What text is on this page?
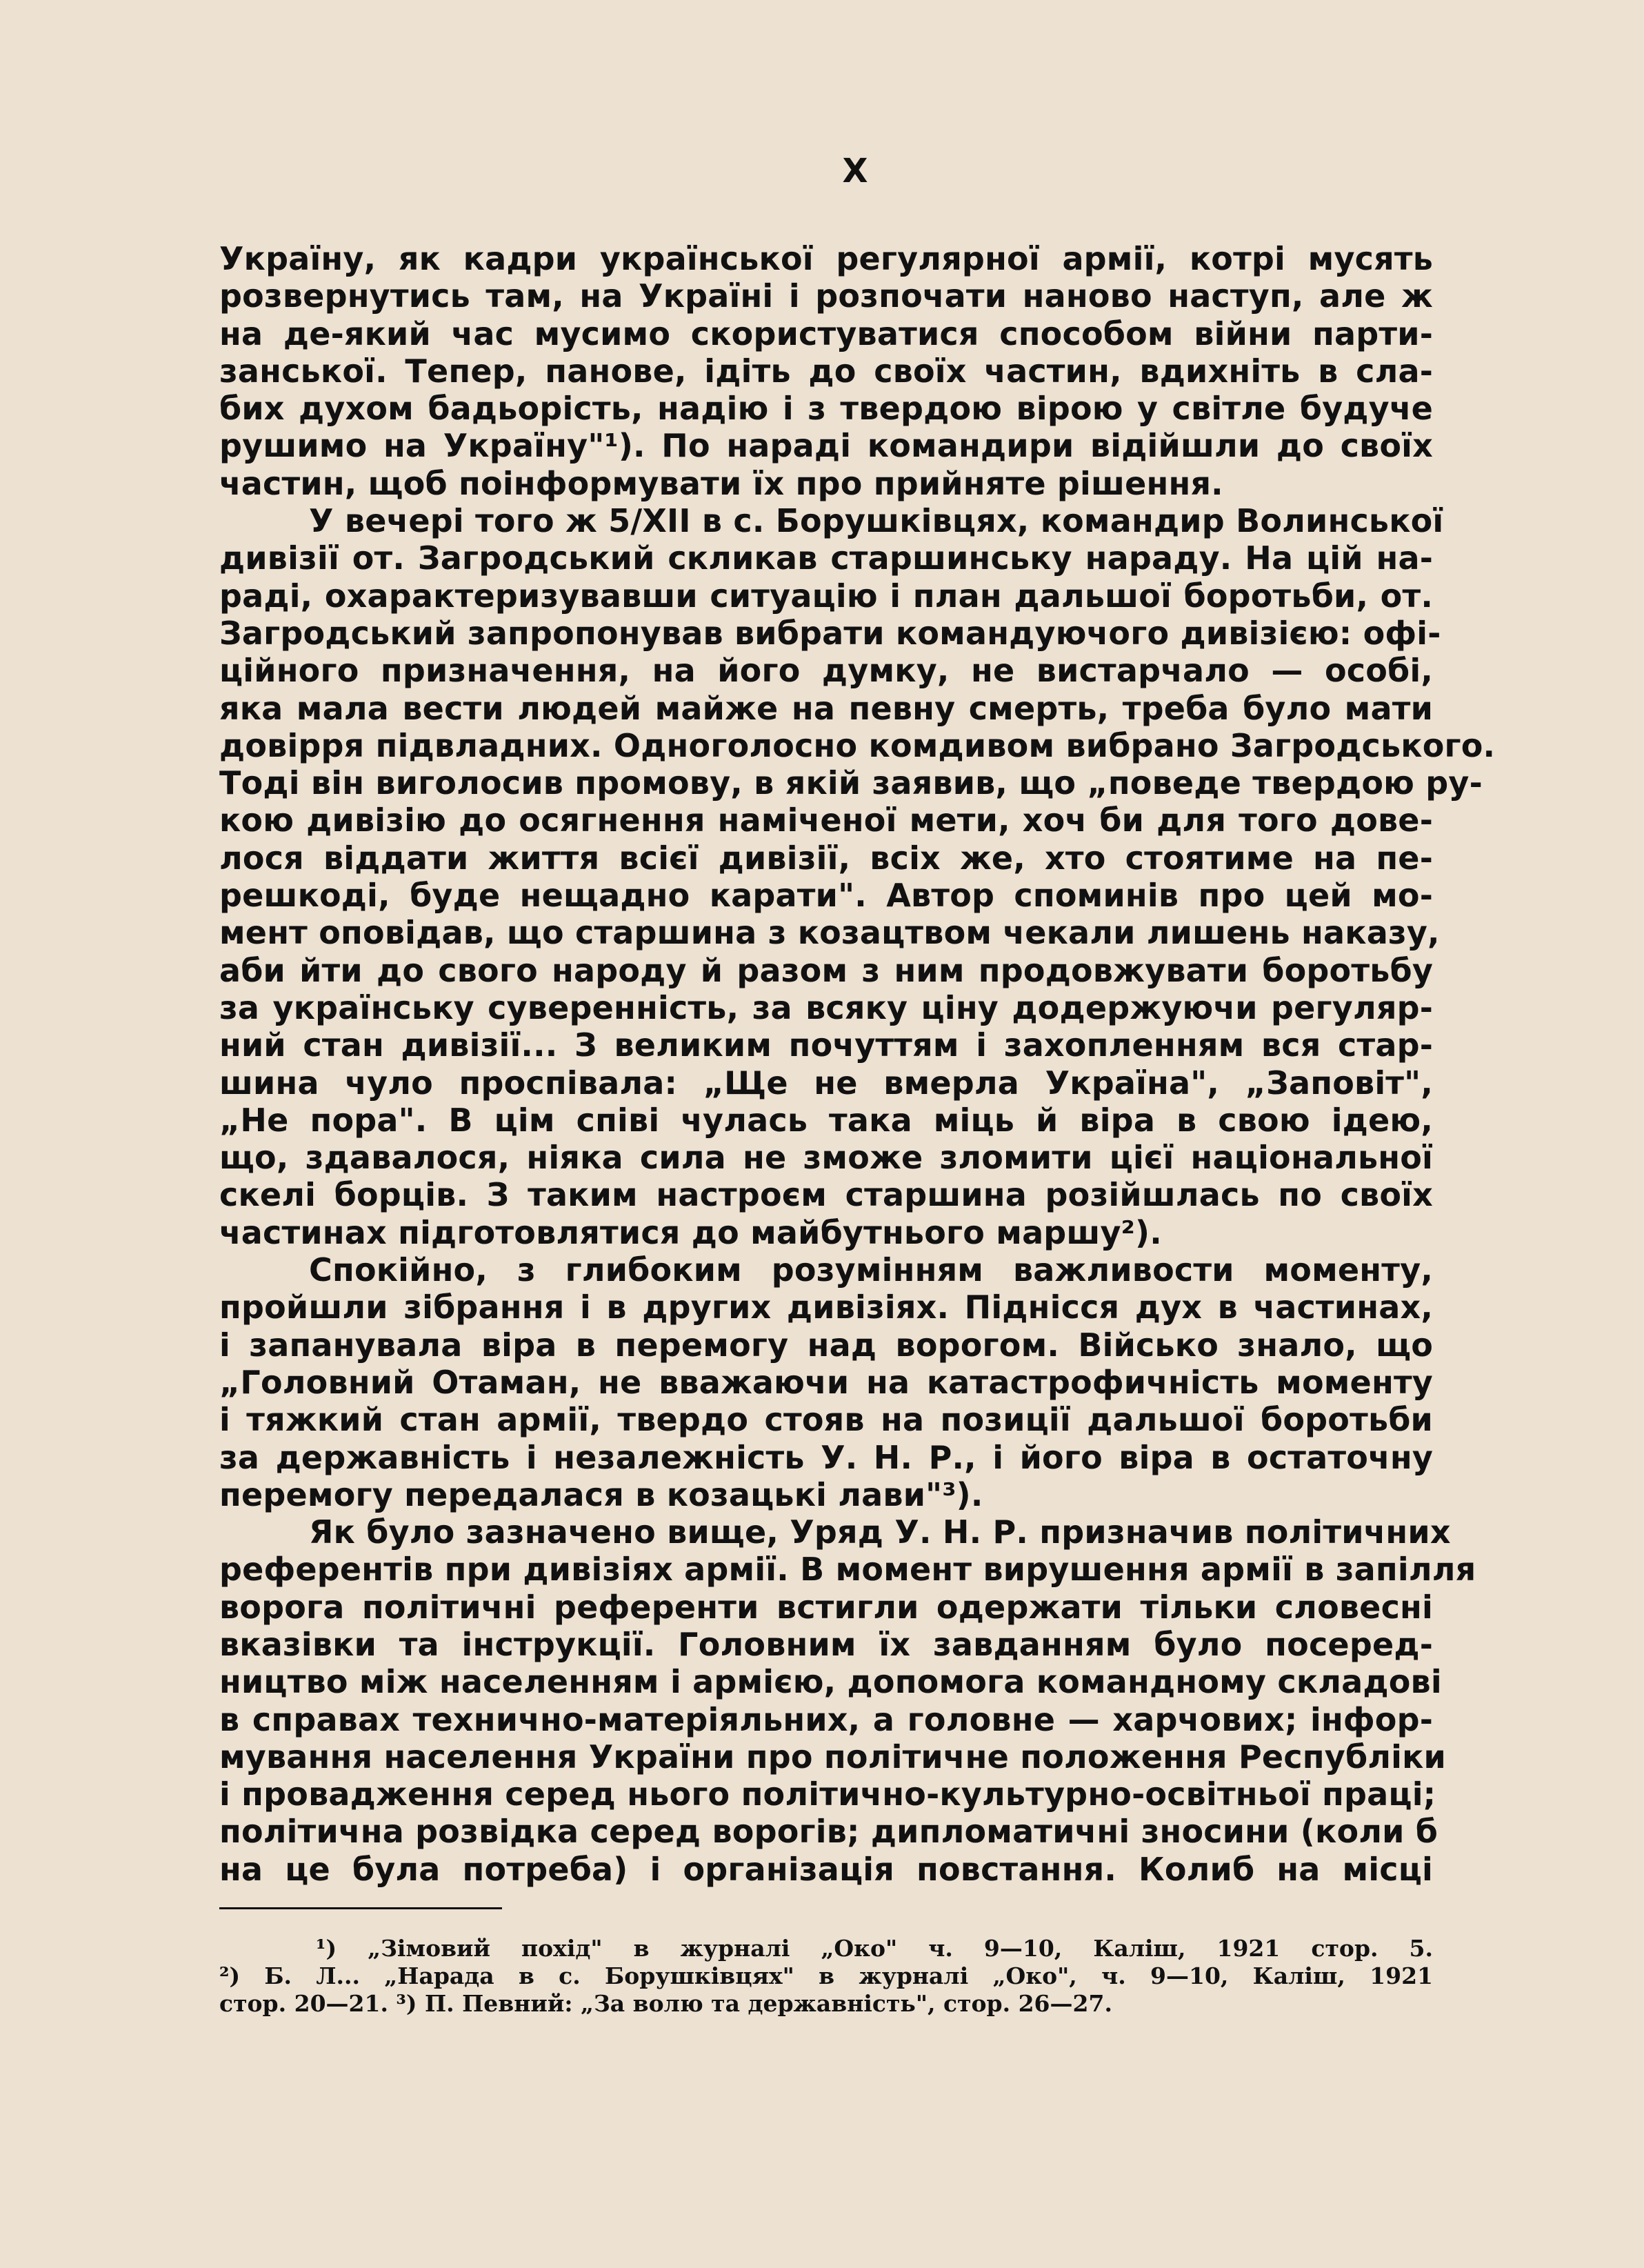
X
Україну, як кадри української регулярної армії, котрі мусять
розвернутись там, на Україні і розпочати наново наступ, але ж
на де-який час мусимо скористуватися способом війни парти-
занської. Тепер, панове, ідіть до своїх частин, вдихніть в сла-
бих духом бадьорість, надію і з твердою вірою у світле будуче
рушимо на Україну"¹). По нараді командири відійшли до своїх
частин, щоб поінформувати їх про прийняте рішення.
У вечері того ж 5/XII в с. Борушківцях, командир Волинської
дивізії от. Загродський скликав старшинську нараду. На цій на-
раді, охарактеризувавши ситуацію і план дальшої боротьби, от.
Загродський запропонував вибрати командуючого дивізією: офі-
ційного призначення, на його думку, не вистарчало — особі,
яка мала вести людей майже на певну смерть, треба було мати
довірря підвладних. Одноголосно комдивом вибрано Загродського.
Тоді він виголосив промову, в якій заявив, що „поведе твердою ру-
кою дивізію до осягнення наміченої мети, хоч би для того дове-
лося віддати життя всієї дивізії, всіх же, хто стоятиме на пе-
решкоді, буде нещадно карати". Автор споминів про цей мо-
мент оповідав, що старшина з козацтвом чекали лишень наказу,
аби йти до свого народу й разом з ним продовжувати боротьбу
за українську суверенність, за всяку ціну додержуючи регуляр-
ний стан дивізії... З великим почуттям і захопленням вся стар-
шина чуло проспівала: „Ще не вмерла Україна", „Заповіт",
„Не пора". В цім співі чулась така міць й віра в свою ідею,
що, здавалося, ніяка сила не зможе зломити цієї національної
скелі борців. З таким настроєм старшина розійшлась по своїх
частинах підготовлятися до майбутнього маршу²).
Спокійно, з глибоким розумінням важливости моменту,
пройшли зібрання і в других дивізіях. Піднісся дух в частинах,
і запанувала віра в перемогу над ворогом. Військо знало, що
„Головний Отаман, не вважаючи на катастрофичність моменту
і тяжкий стан армії, твердо стояв на позиції дальшої боротьби
за державність і незалежність У. Н. Р., і його віра в остаточну
перемогу передалася в козацькі лави"³).
Як було зазначено вище, Уряд У. Н. Р. призначив політичних
референтів при дивізіях армії. В момент вирушення армії в запілля
ворога політичні референти встигли одержати тільки словесні
вказівки та інструкції. Головним їх завданням було посеред-
ництво між населенням і армією, допомога командному складові
в справах технично-матеріяльних, а головне — харчових; інфор-
мування населення України про політичне положення Республіки
і провадження серед нього політично-культурно-освітньої праці;
політична розвідка серед ворогів; дипломатичні зносини (коли б
на це була потреба) і організація повстання. Колиб на місці
¹) „Зімовий похід" в журналі „Око" ч. 9—10, Каліш, 1921 стор. 5.
²) Б. Л... „Нарада в с. Борушківцях" в журналі „Око", ч. 9—10, Каліш, 1921
стор. 20—21. ³) П. Певний: „За волю та державність", стор. 26—27.
